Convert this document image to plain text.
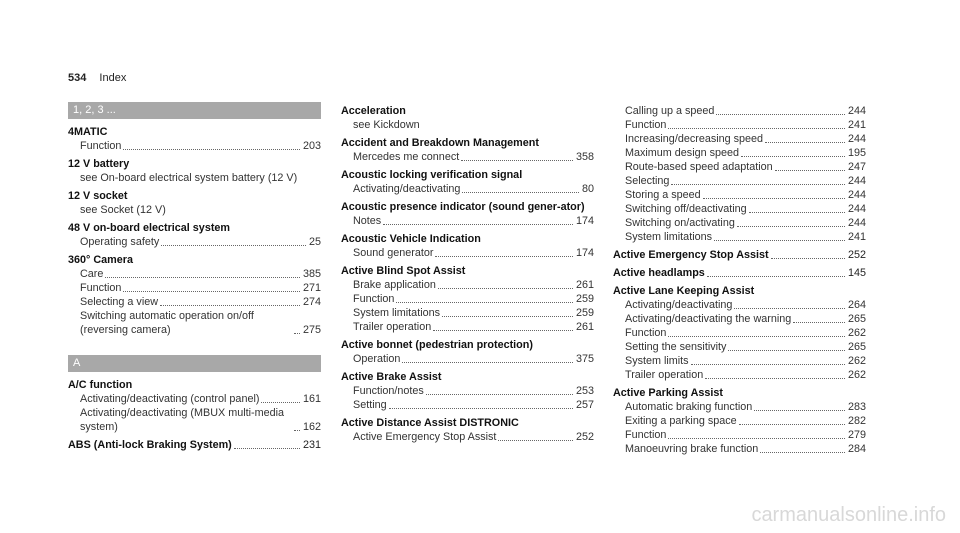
534 Index
1, 2, 3 ...
4MATIC
Function	203
12 V battery
see On-board electrical system battery (12 V)
12 V socket
see Socket (12 V)
48 V on-board electrical system
Operating safety	25
360° Camera
Care	385
Function	271
Selecting a view	274
Switching automatic operation on/off (reversing camera)	275
A
A/C function
Activating/deactivating (control panel)	161
Activating/deactivating (MBUX multi-media system)	162
ABS (Anti-lock Braking System)	231
Acceleration
see Kickdown
Accident and Breakdown Management
Mercedes me connect	358
Acoustic locking verification signal
Activating/deactivating	80
Acoustic presence indicator (sound gener-ator)
Notes	174
Acoustic Vehicle Indication
Sound generator	174
Active Blind Spot Assist
Brake application	261
Function	259
System limitations	259
Trailer operation	261
Active bonnet (pedestrian protection)
Operation	375
Active Brake Assist
Function/notes	253
Setting	257
Active Distance Assist DISTRONIC
Active Emergency Stop Assist	252
Calling up a speed	244
Function	241
Increasing/decreasing speed	244
Maximum design speed	195
Route-based speed adaptation	247
Selecting	244
Storing a speed	244
Switching off/deactivating	244
Switching on/activating	244
System limitations	241
Active Emergency Stop Assist	252
Active headlamps	145
Active Lane Keeping Assist
Activating/deactivating	264
Activating/deactivating the warning	265
Function	262
Setting the sensitivity	265
System limits	262
Trailer operation	262
Active Parking Assist
Automatic braking function	283
Exiting a parking space	282
Function	279
Manoeuvring brake function	284
carmanualsonline.info
